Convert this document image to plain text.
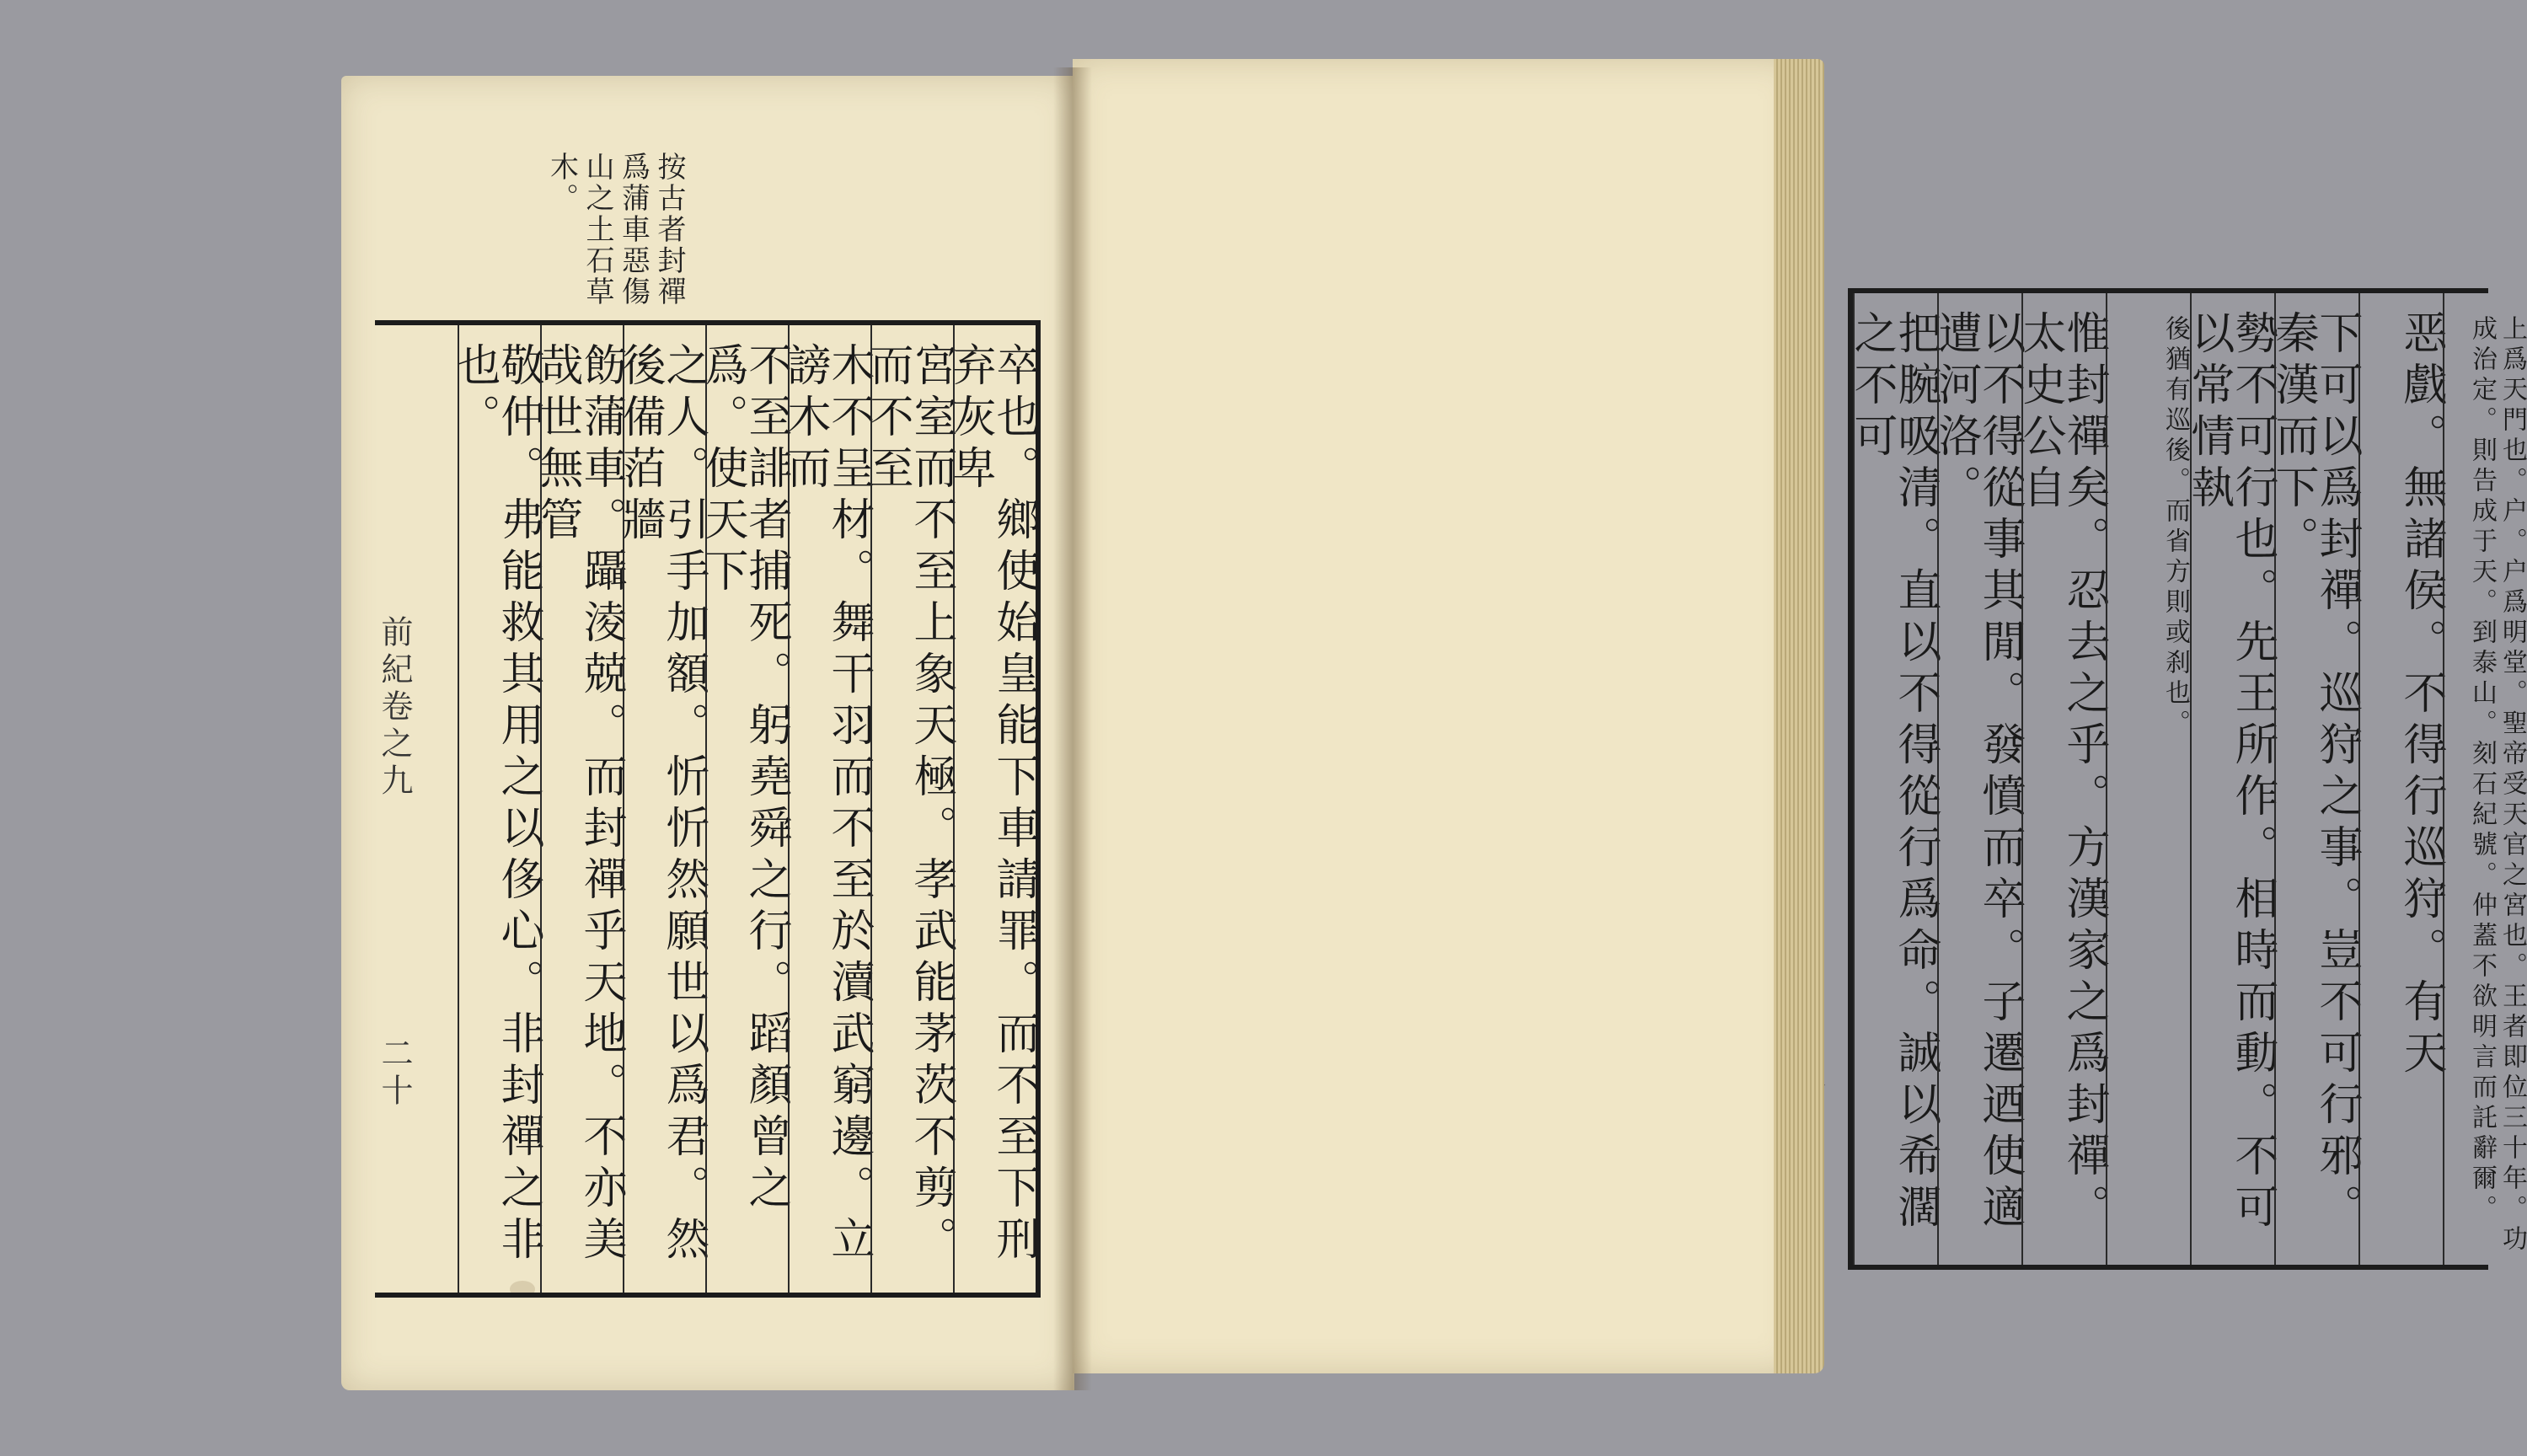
按古者封禪爲蒲車惡傷山之土石草木。
前紀卷之九
二十	卒也。鄉使始皇能下車請罪。而不至下刑弃灰卑
宮室而不至上象天極。孝武能茅茨不剪。而不至
木不呈材。舞干羽而不至於瀆武窮邊。立謗木而
不至誹者捕死。躬堯舜之行。蹈顏曾之爲。使天下
之人。引手加額。忻忻然願世以爲君。然後備萡牆
飭蒲車。躡淩兢。而封禪乎天地。不亦美哉世無管
敬仲。弗能救其用之以侈心。非封禪之非也。	上爲天門也。户。户爲明堂。聖帝受天官之宮也。王者即位三十年。功成治定。則告成于天。到泰山。刻石紀號。仲蓋不欲明言而託辭爾。
恶戲。無諸侯。不得行巡狩。有天
下可以爲封禪。巡狩之事。豈不可行邪。秦漢而下。
勢不可行也。先王所作。相時而動。不可以常情執
後猶有巡後。而省方則或刹也。
惟封禪矣。忍去之乎。方漢家之爲封禪。太史公自
以不得從事其閒。發憤而卒。子遷迺使適遭河洛。
把腕吸清。直以不得從行爲命。誠以希濶之不可
